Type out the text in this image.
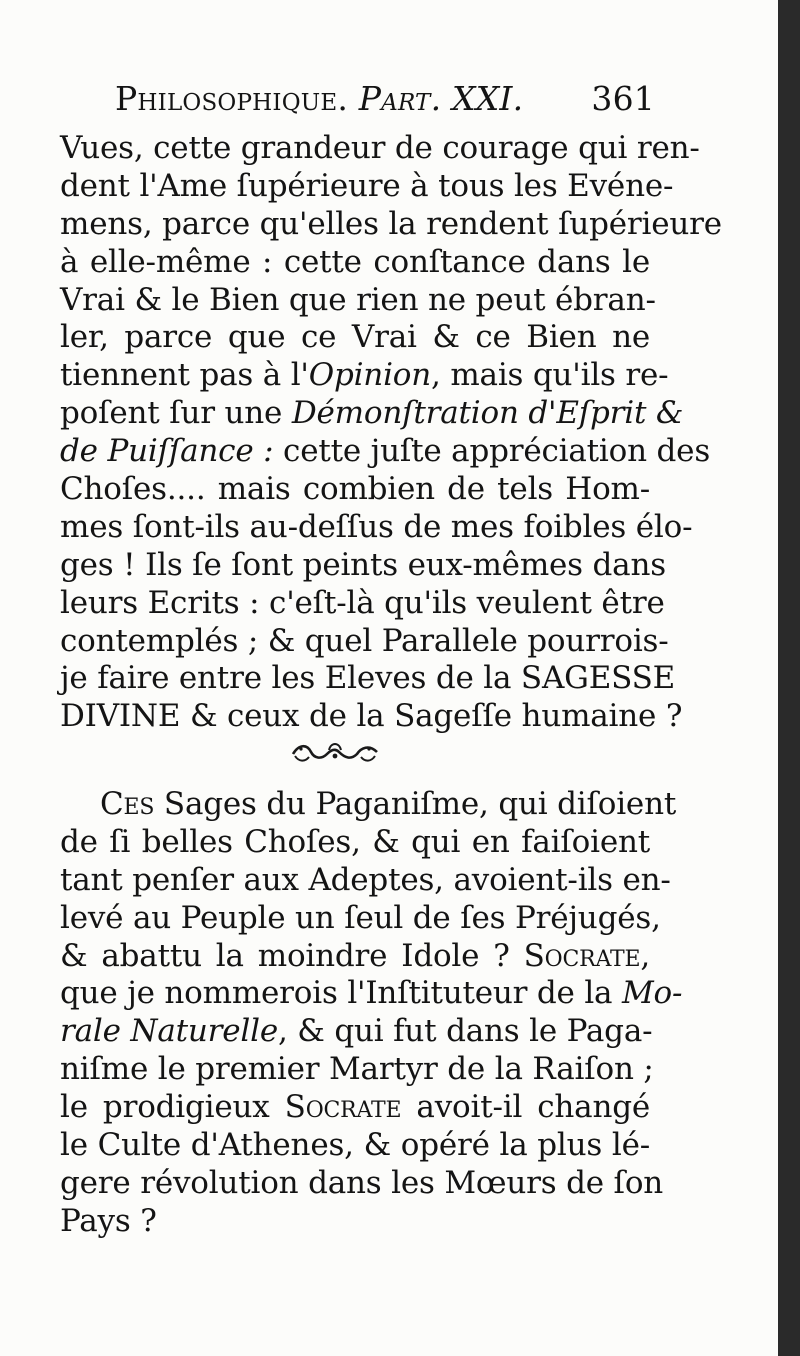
Philosophique. Part. XXI. 361
Vues, cette grandeur de courage qui ren-
dent l'Ame ſupérieure à tous les Evéne-
mens, parce qu'elles la rendent ſupérieure
à elle-même : cette conſtance dans le
Vrai & le Bien que rien ne peut ébran-
ler, parce que ce Vrai & ce Bien ne
tiennent pas à l'Opinion, mais qu'ils re-
poſent ſur une Démonſtration d'Eſprit &
de Puiſſance : cette juſte appréciation des
Choſes.... mais combien de tels Hom-
mes ſont-ils au-deſſus de mes foibles élo-
ges ! Ils ſe ſont peints eux-mêmes dans
leurs Ecrits : c'eſt-là qu'ils veulent être
contemplés ; & quel Parallele pourrois-
je faire entre les Eleves de la SAGESSE
DIVINE & ceux de la Sageſſe humaine ?
Ces Sages du Paganiſme, qui diſoient
de ſi belles Choſes, & qui en faiſoient
tant penſer aux Adeptes, avoient-ils en-
levé au Peuple un ſeul de ſes Préjugés,
& abattu la moindre Idole ? Socrate,
que je nommerois l'Inſtituteur de la Mo-
rale Naturelle, & qui fut dans le Paga-
niſme le premier Martyr de la Raiſon ;
le prodigieux Socrate avoit-il changé
le Culte d'Athenes, & opéré la plus lé-
gere révolution dans les Mœurs de ſon
Pays ?
